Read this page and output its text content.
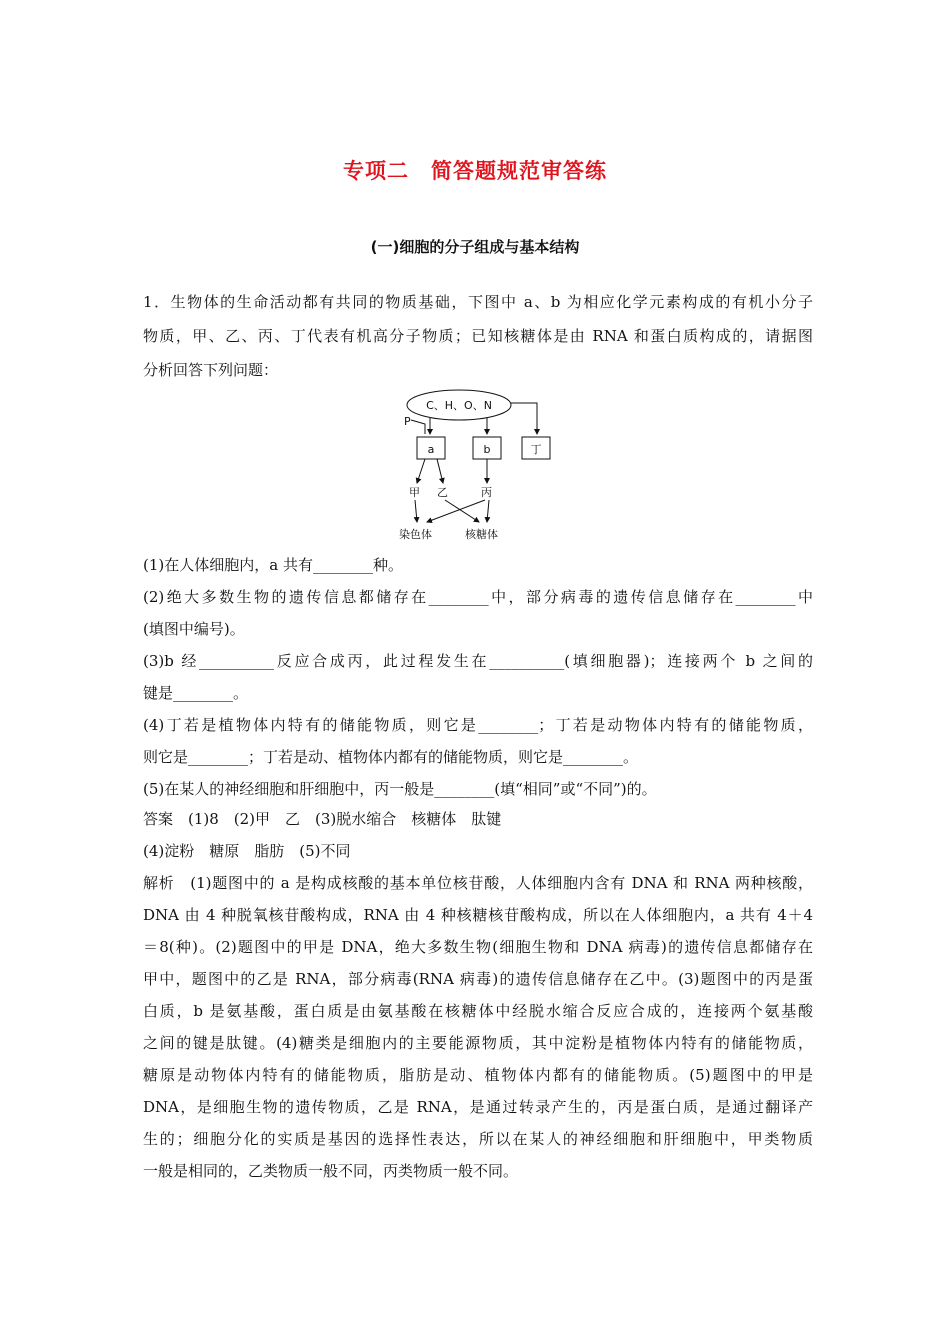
专项二　简答题规范审答练
(一)细胞的分子组成与基本结构
1．生物体的生命活动都有共同的物质基础，下图中 a、b 为相应化学元素构成的有机小分子
物质，甲、乙、丙、丁代表有机高分子物质；已知核糖体是由 RNA 和蛋白质构成的，请据图
分析回答下列问题：
C、H、O、N
P
a	b	丁
甲 乙	丙
染色体	核糖体
(1)在人体细胞内，a 共有________种。
(2)绝大多数生物的遗传信息都储存在________中，部分病毒的遗传信息储存在________中
(填图中编号)。
(3)b 经__________反应合成丙，此过程发生在__________(填细胞器)；连接两个 b 之间的
键是________。
(4)丁若是植物体内特有的储能物质，则它是________；丁若是动物体内特有的储能物质，
则它是________；丁若是动、植物体内都有的储能物质，则它是________。
(5)在某人的神经细胞和肝细胞中，丙一般是________(填“相同”或“不同”)的。
答案　(1)8　(2)甲　乙　(3)脱水缩合　核糖体　肽键
(4)淀粉　糖原　脂肪　(5)不同
解析　(1)题图中的 a 是构成核酸的基本单位核苷酸，人体细胞内含有 DNA 和 RNA 两种核酸，
DNA 由 4 种脱氧核苷酸构成，RNA 由 4 种核糖核苷酸构成，所以在人体细胞内，a 共有 4＋4
＝8(种)。(2)题图中的甲是 DNA，绝大多数生物(细胞生物和 DNA 病毒)的遗传信息都储存在
甲中，题图中的乙是 RNA，部分病毒(RNA 病毒)的遗传信息储存在乙中。(3)题图中的丙是蛋
白质，b 是氨基酸，蛋白质是由氨基酸在核糖体中经脱水缩合反应合成的，连接两个氨基酸
之间的键是肽键。(4)糖类是细胞内的主要能源物质，其中淀粉是植物体内特有的储能物质，
糖原是动物体内特有的储能物质，脂肪是动、植物体内都有的储能物质。(5)题图中的甲是
DNA，是细胞生物的遗传物质，乙是 RNA，是通过转录产生的，丙是蛋白质，是通过翻译产
生的；细胞分化的实质是基因的选择性表达，所以在某人的神经细胞和肝细胞中，甲类物质
一般是相同的，乙类物质一般不同，丙类物质一般不同。
